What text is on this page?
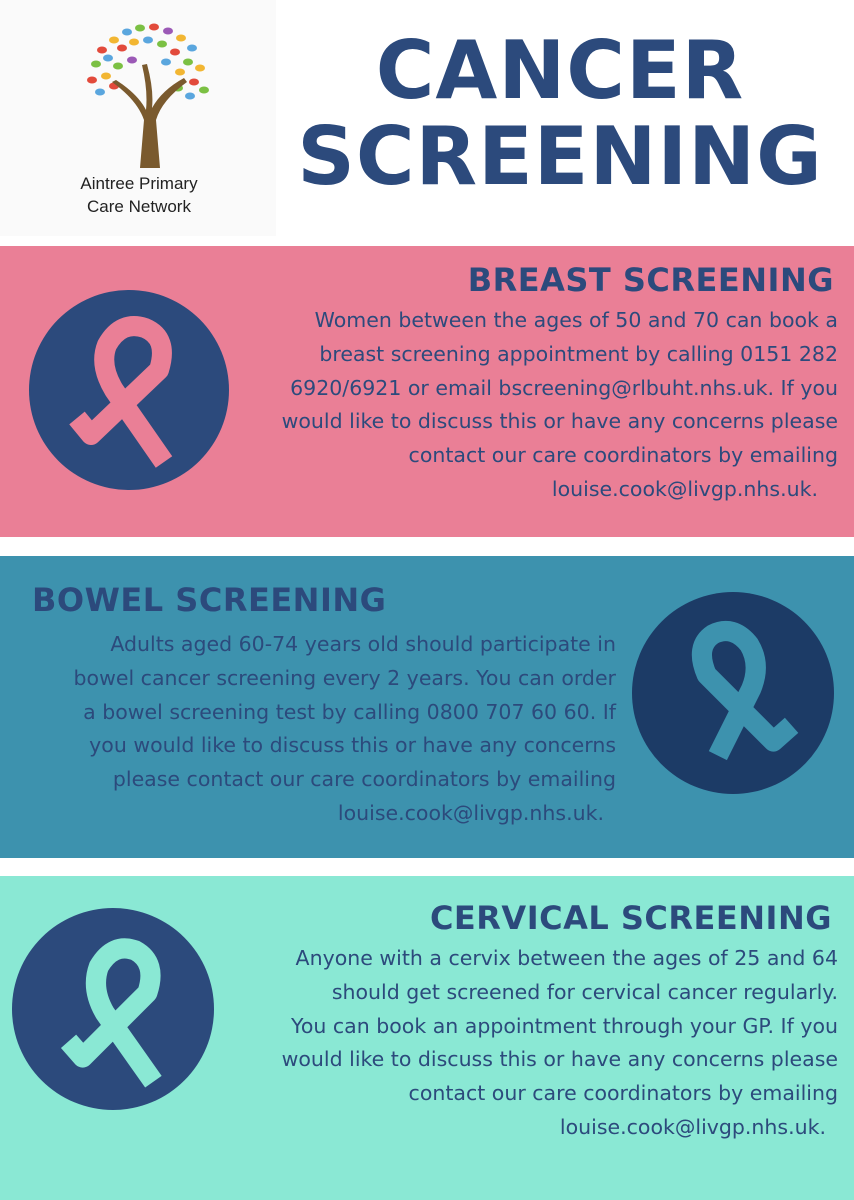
Aintree Primary
Care Network
CANCER
SCREENING
BREAST SCREENING
Women between the ages of 50 and 70 can book a
breast screening appointment by calling 0151 282
6920/6921 or email bscreening@rlbuht.nhs.uk. If you
would like to discuss this or have any concerns please
contact our care coordinators by emailing
louise.cook@livgp.nhs.uk.
BOWEL SCREENING
Adults aged 60-74 years old should participate in
bowel cancer screening every 2 years. You can order
a bowel screening test by calling 0800 707 60 60. If
you would like to discuss this or have any concerns
please contact our care coordinators by emailing
louise.cook@livgp.nhs.uk.
CERVICAL SCREENING
Anyone with a cervix between the ages of 25 and 64
should get screened for cervical cancer regularly.
You can book an appointment through your GP. If you
would like to discuss this or have any concerns please
contact our care coordinators by emailing
louise.cook@livgp.nhs.uk.
